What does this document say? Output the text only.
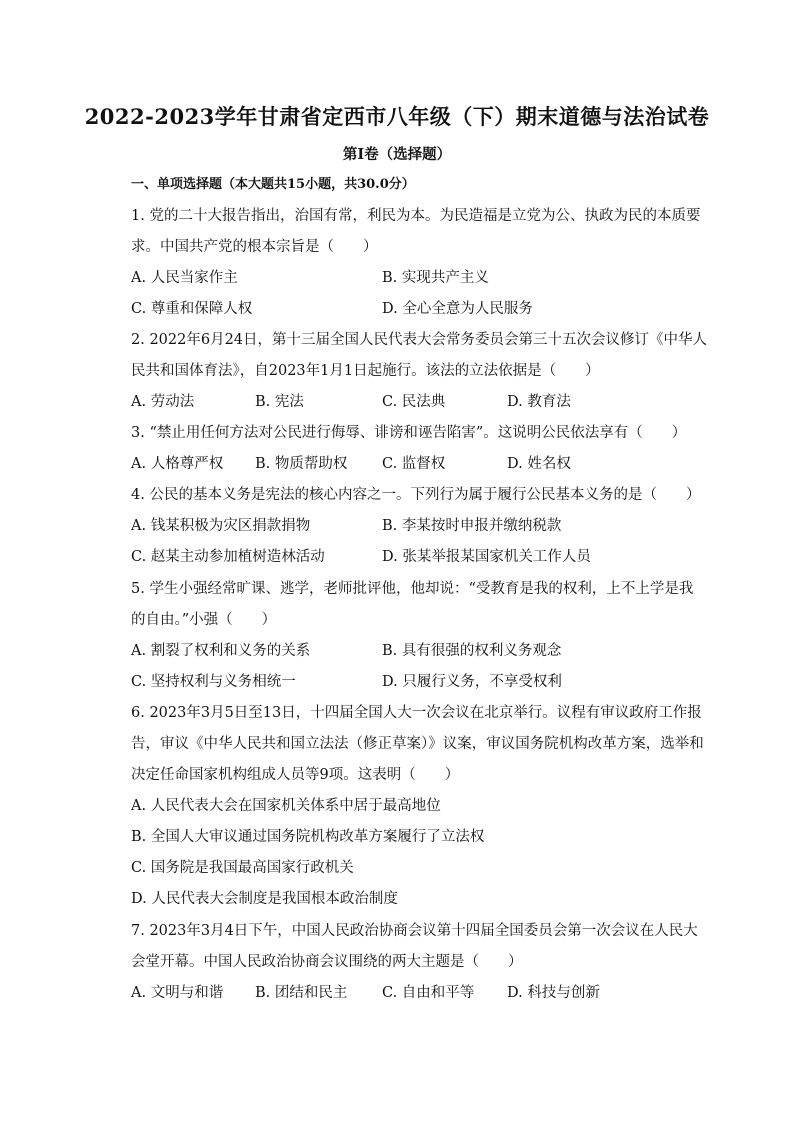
2022-2023学年甘肃省定西市八年级（下）期末道德与法治试卷
第Ⅰ卷（选择题）
一、单项选择题（本大题共15小题，共30.0分）
1. 党的二十大报告指出，治国有常，利民为本。为民造福是立党为公、执政为民的本质要
求。中国共产党的根本宗旨是（　　）
A. 人民当家作主	B. 实现共产主义
C. 尊重和保障人权	D. 全心全意为人民服务
2. 2022年6月24日，第十三届全国人民代表大会常务委员会第三十五次会议修订《中华人
民共和国体育法》，自2023年1月1日起施行。该法的立法依据是（　　）
A. 劳动法	B. 宪法	C. 民法典	D. 教育法
3. “禁止用任何方法对公民进行侮辱、诽谤和诬告陷害”。这说明公民依法享有（　　）
A. 人格尊严权 B. 物质帮助权 C. 监督权	D. 姓名权
4. 公民的基本义务是宪法的核心内容之一。下列行为属于履行公民基本义务的是（　　）
A. 钱某积极为灾区捐款捐物	B. 李某按时申报并缴纳税款
C. 赵某主动参加植树造林活动	D. 张某举报某国家机关工作人员
5. 学生小强经常旷课、逃学，老师批评他，他却说：“受教育是我的权利，上不上学是我
的自由。”小强（　　）
A. 割裂了权利和义务的关系	B. 具有很强的权利义务观念
C. 坚持权利与义务相统一	D. 只履行义务，不享受权利
6. 2023年3月5日至13日，十四届全国人大一次会议在北京举行。议程有审议政府工作报
告，审议《中华人民共和国立法法（修正草案）》议案，审议国务院机构改革方案，选举和
决定任命国家机构组成人员等9项。这表明（　　）
A. 人民代表大会在国家机关体系中居于最高地位
B. 全国人大审议通过国务院机构改革方案履行了立法权
C. 国务院是我国最高国家行政机关
D. 人民代表大会制度是我国根本政治制度
7. 2023年3月4日下午，中国人民政治协商会议第十四届全国委员会第一次会议在人民大
会堂开幕。中国人民政治协商会议围绕的两大主题是（　　）
A. 文明与和谐 B. 团结和民主 C. 自由和平等 D. 科技与创新
